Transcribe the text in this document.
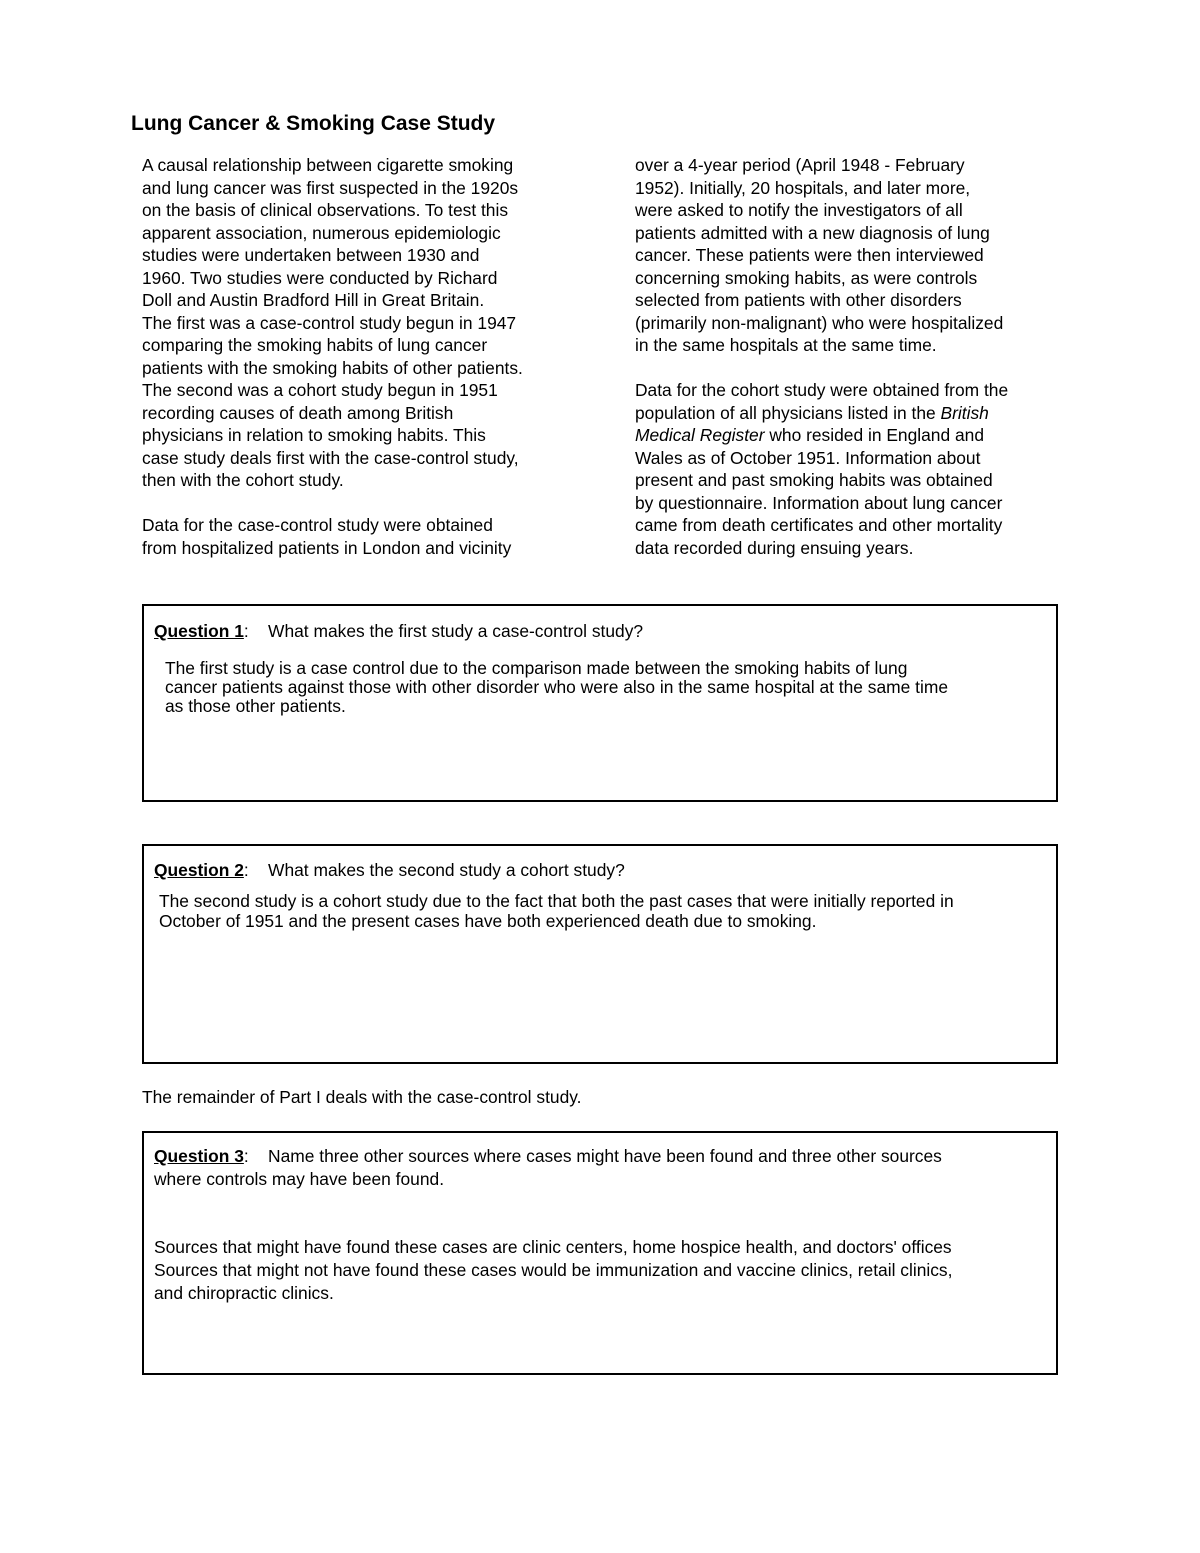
Lung Cancer & Smoking Case Study
A causal relationship between cigarette smoking
and lung cancer was first suspected in the 1920s
on the basis of clinical observations. To test this
apparent association, numerous epidemiologic
studies were undertaken between 1930 and
1960. Two studies were conducted by Richard
Doll and Austin Bradford Hill in Great Britain.
The first was a case-control study begun in 1947
comparing the smoking habits of lung cancer
patients with the smoking habits of other patients.
The second was a cohort study begun in 1951
recording causes of death among British
physicians in relation to smoking habits. This
case study deals first with the case-control study,
then with the cohort study.
Data for the case-control study were obtained
from hospitalized patients in London and vicinity
over a 4-year period (April 1948 - February
1952). Initially, 20 hospitals, and later more,
were asked to notify the investigators of all
patients admitted with a new diagnosis of lung
cancer. These patients were then interviewed
concerning smoking habits, as were controls
selected from patients with other disorders
(primarily non-malignant) who were hospitalized
in the same hospitals at the same time.
Data for the cohort study were obtained from the
population of all physicians listed in the British
Medical Register who resided in England and
Wales as of October 1951. Information about
present and past smoking habits was obtained
by questionnaire. Information about lung cancer
came from death certificates and other mortality
data recorded during ensuing years.
Question 1: What makes the first study a case-control study?
The first study is a case control due to the comparison made between the smoking habits of lung
cancer patients against those with other disorder who were also in the same hospital at the same time
as those other patients.
Question 2: What makes the second study a cohort study?
The second study is a cohort study due to the fact that both the past cases that were initially reported in
October of 1951 and the present cases have both experienced death due to smoking.
The remainder of Part I deals with the case-control study.
Question 3: Name three other sources where cases might have been found and three other sources
where controls may have been found.
Sources that might have found these cases are clinic centers, home hospice health, and doctors' offices
Sources that might not have found these cases would be immunization and vaccine clinics, retail clinics,
and chiropractic clinics.
